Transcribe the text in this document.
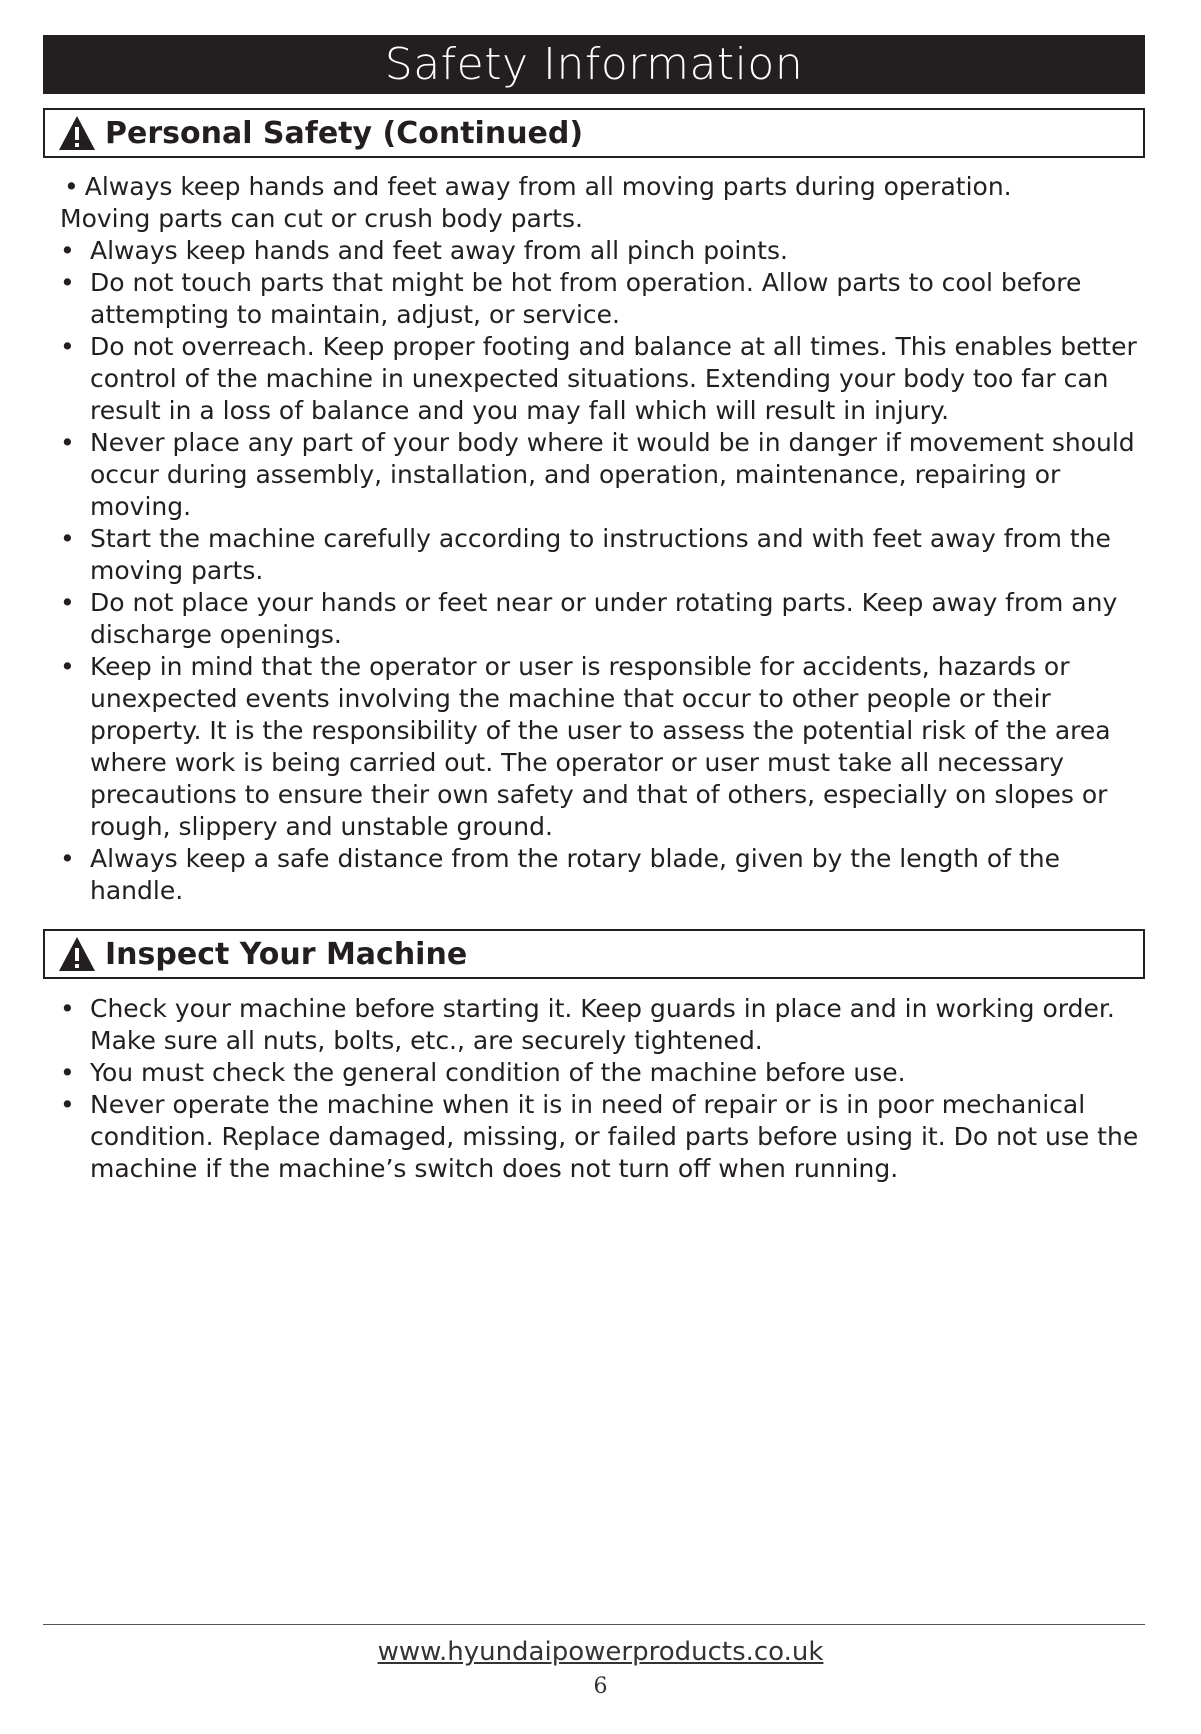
Safety Information
Personal Safety (Continued)
• Always keep hands and feet away from all moving parts during operation.
Moving parts can cut or crush body parts.
• Always keep hands and feet away from all pinch points.
• Do not touch parts that might be hot from operation. Allow parts to cool before attempting to maintain, adjust, or service.
• Do not overreach. Keep proper footing and balance at all times. This enables better control of the machine in unexpected situations. Extending your body too far can result in a loss of balance and you may fall which will result in injury.
• Never place any part of your body where it would be in danger if movement should occur during assembly, installation, and operation, maintenance, repairing or moving.
• Start the machine carefully according to instructions and with feet away from the moving parts.
• Do not place your hands or feet near or under rotating parts. Keep away from any discharge openings.
• Keep in mind that the operator or user is responsible for accidents, hazards or unexpected events involving the machine that occur to other people or their property. It is the responsibility of the user to assess the potential risk of the area where work is being carried out. The operator or user must take all necessary precautions to ensure their own safety and that of others, especially on slopes or rough, slippery and unstable ground.
• Always keep a safe distance from the rotary blade, given by the length of the handle.
Inspect Your Machine
• Check your machine before starting it. Keep guards in place and in working order. Make sure all nuts, bolts, etc., are securely tightened.
• You must check the general condition of the machine before use.
• Never operate the machine when it is in need of repair or is in poor mechanical condition. Replace damaged, missing, or failed parts before using it. Do not use the machine if the machine’s switch does not turn off when running.
www.hyundaipowerproducts.co.uk
6
